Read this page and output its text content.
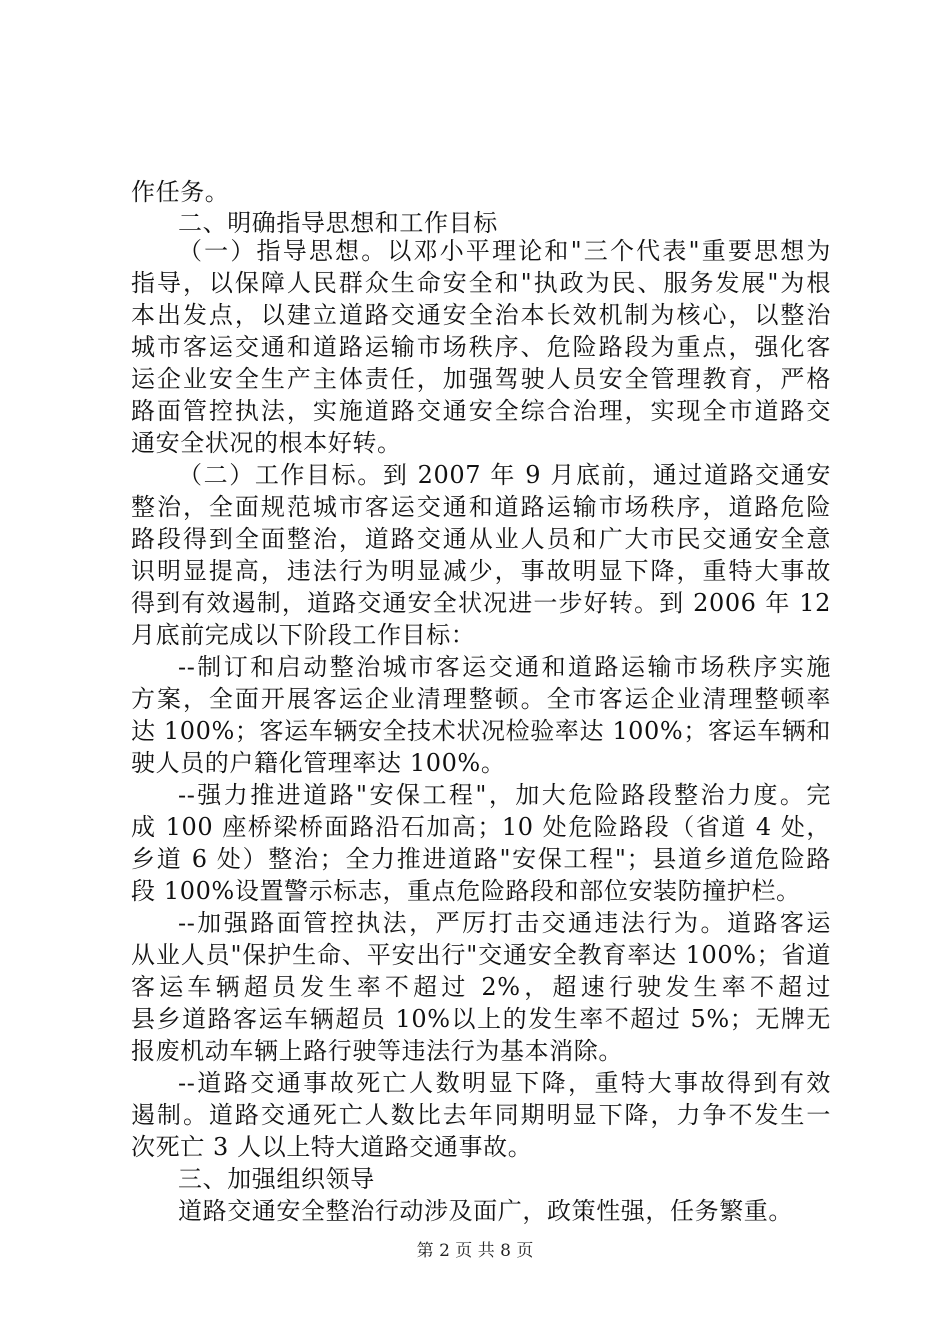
作任务。
二、明确指导思想和工作目标
（一）指导思想。以邓小平理论和"三个代表"重要思想为
指导，以保障人民群众生命安全和"执政为民、服务发展"为根
本出发点，以建立道路交通安全治本长效机制为核心，以整治
城市客运交通和道路运输市场秩序、危险路段为重点，强化客
运企业安全生产主体责任，加强驾驶人员安全管理教育，严格
路面管控执法，实施道路交通安全综合治理，实现全市道路交
通安全状况的根本好转。
（二）工作目标。到 2007 年 9 月底前，通过道路交通安
整治，全面规范城市客运交通和道路运输市场秩序，道路危险
路段得到全面整治，道路交通从业人员和广大市民交通安全意
识明显提高，违法行为明显减少，事故明显下降，重特大事故
得到有效遏制，道路交通安全状况进一步好转。到 2006 年 12
月底前完成以下阶段工作目标：
--制订和启动整治城市客运交通和道路运输市场秩序实施
方案，全面开展客运企业清理整顿。全市客运企业清理整顿率
达 100%；客运车辆安全技术状况检验率达 100%；客运车辆和
驶人员的户籍化管理率达 100%。
--强力推进道路"安保工程"，加大危险路段整治力度。完
成 100 座桥梁桥面路沿石加高；10 处危险路段（省道 4 处，
乡道 6 处）整治；全力推进道路"安保工程"；县道乡道危险路
段 100%设置警示标志，重点危险路段和部位安装防撞护栏。
--加强路面管控执法，严厉打击交通违法行为。道路客运
从业人员"保护生命、平安出行"交通安全教育率达 100%；省道
客运车辆超员发生率不超过 2%，超速行驶发生率不超过
县乡道路客运车辆超员 10%以上的发生率不超过 5%；无牌无
报废机动车辆上路行驶等违法行为基本消除。
--道路交通事故死亡人数明显下降，重特大事故得到有效
遏制。道路交通死亡人数比去年同期明显下降，力争不发生一
次死亡 3 人以上特大道路交通事故。
三、加强组织领导
道路交通安全整治行动涉及面广，政策性强，任务繁重。
第 2 页 共 8 页
